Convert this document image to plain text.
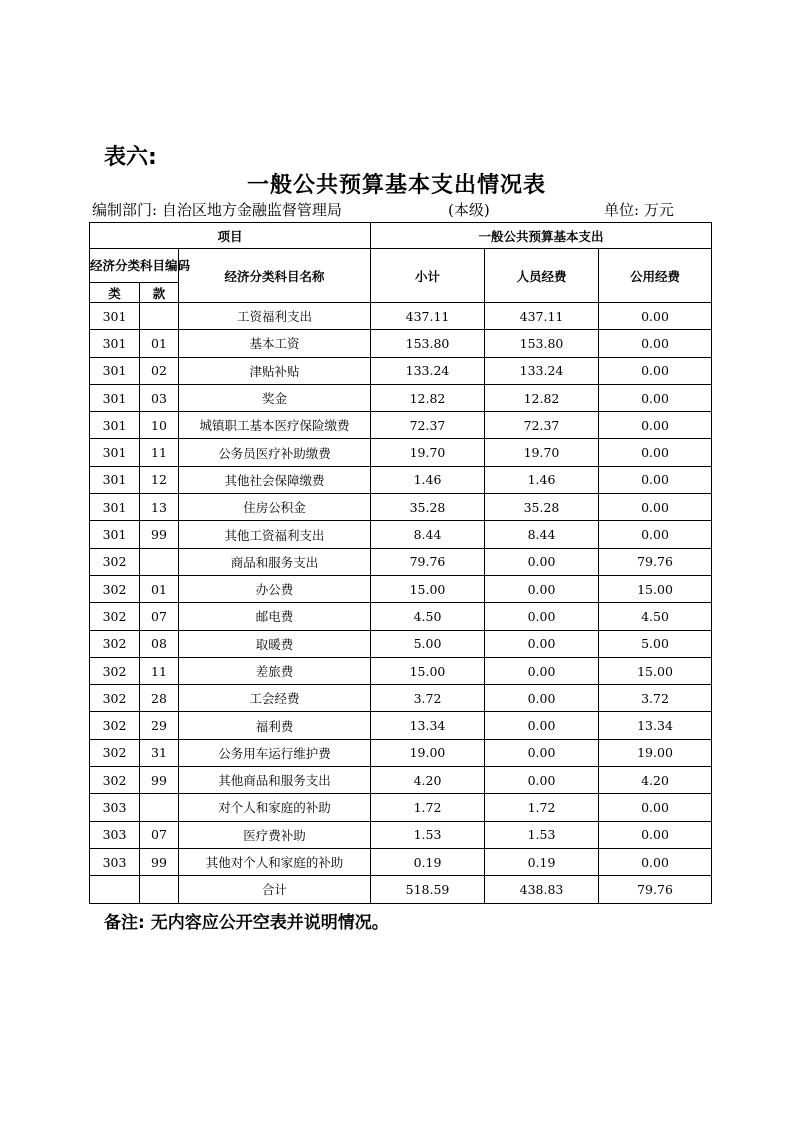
表六:
一般公共预算基本支出情况表
编制部门: 自治区地方金融监督管理局	(本级)	单位: 万元
项目			一般公共预算基本支出		
经济分类科目编码		经济分类科目名称	小计	人员经费	公用经费
类	款				
301		工资福利支出	437.11	437.11	0.00
301	01	基本工资	153.80	153.80	0.00
301	02	津贴补贴	133.24	133.24	0.00
301	03	奖金	12.82	12.82	0.00
301	10	城镇职工基本医疗保险缴费	72.37	72.37	0.00
301	11	公务员医疗补助缴费	19.70	19.70	0.00
301	12	其他社会保障缴费	1.46	1.46	0.00
301	13	住房公积金	35.28	35.28	0.00
301	99	其他工资福利支出	8.44	8.44	0.00
302		商品和服务支出	79.76	0.00	79.76
302	01	办公费	15.00	0.00	15.00
302	07	邮电费	4.50	0.00	4.50
302	08	取暖费	5.00	0.00	5.00
302	11	差旅费	15.00	0.00	15.00
302	28	工会经费	3.72	0.00	3.72
302	29	福利费	13.34	0.00	13.34
302	31	公务用车运行维护费	19.00	0.00	19.00
302	99	其他商品和服务支出	4.20	0.00	4.20
303		对个人和家庭的补助	1.72	1.72	0.00
303	07	医疗费补助	1.53	1.53	0.00
303	99	其他对个人和家庭的补助	0.19	0.19	0.00
		合计	518.59	438.83	79.76
备注: 无内容应公开空表并说明情况。
